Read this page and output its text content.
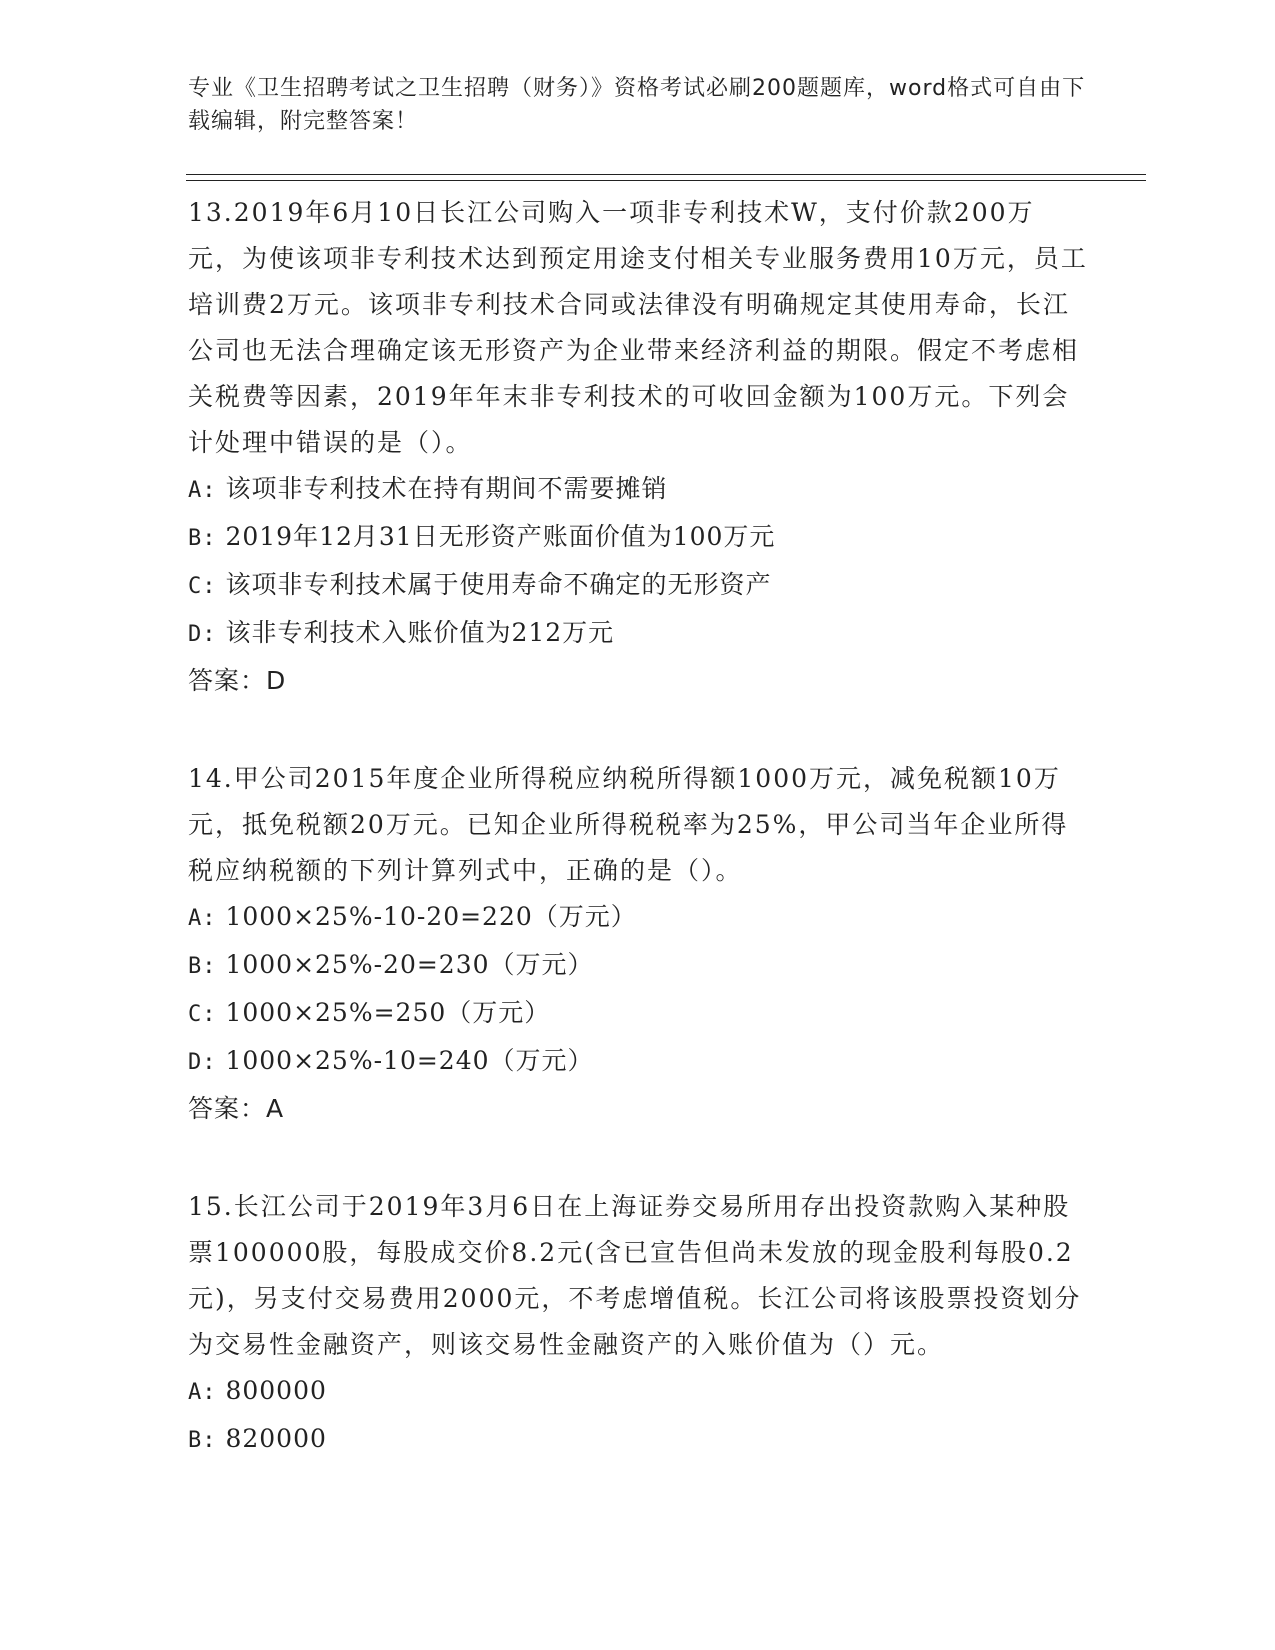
专业《卫生招聘考试之卫生招聘（财务）》资格考试必刷200题题库，word格式可自由下载编辑，附完整答案！

13.2019年6月10日长江公司购入一项非专利技术W，支付价款200万元，为使该项非专利技术达到预定用途支付相关专业服务费用10万元，员工培训费2万元。该项非专利技术合同或法律没有明确规定其使用寿命，长江公司也无法合理确定该无形资产为企业带来经济利益的期限。假定不考虑相关税费等因素，2019年年末非专利技术的可收回金额为100万元。下列会计处理中错误的是（）。

A: 该项非专利技术在持有期间不需要摊销

B: 2019年12月31日无形资产账面价值为100万元

C: 该项非专利技术属于使用寿命不确定的无形资产

D: 该非专利技术入账价值为212万元

答案：D

14.甲公司2015年度企业所得税应纳税所得额1000万元，减免税额10万元，抵免税额20万元。已知企业所得税税率为25%，甲公司当年企业所得税应纳税额的下列计算列式中，正确的是（）。

A: 1000×25%-10-20=220（万元）

B: 1000×25%-20=230（万元）

C: 1000×25%=250（万元）

D: 1000×25%-10=240（万元）

答案：A

15.长江公司于2019年3月6日在上海证券交易所用存出投资款购入某种股票100000股，每股成交价8.2元(含已宣告但尚未发放的现金股利每股0.2元)，另支付交易费用2000元，不考虑增值税。长江公司将该股票投资划分为交易性金融资产，则该交易性金融资产的入账价值为（）元。

A: 800000

B: 820000
